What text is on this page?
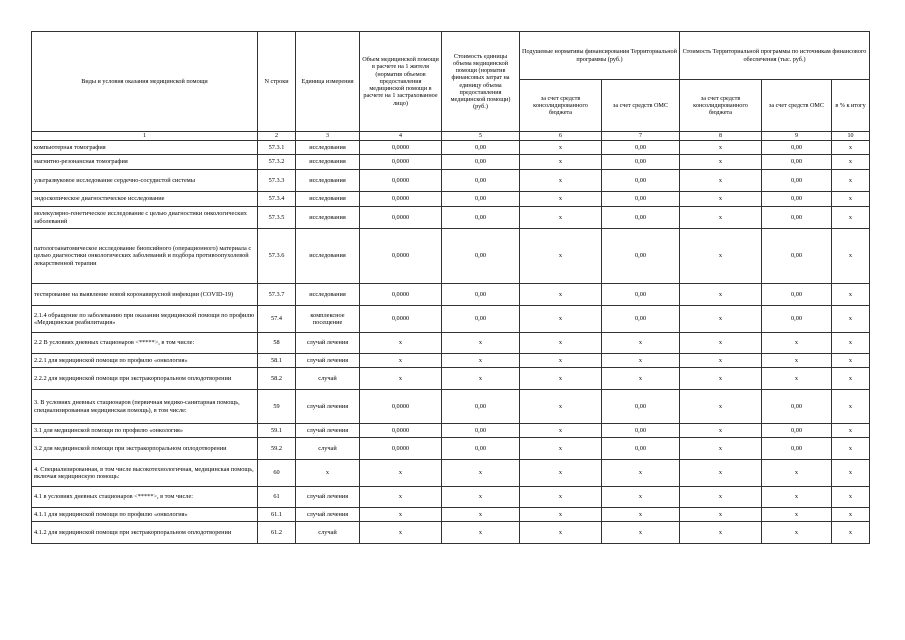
Виды и условия оказания медицинской помощи	N строки	Единица измерения	Объем медицинской помощи в расчете на 1 жителя (норматив объемов предоставления медицинской помощи в расчете на 1 застрахованное лицо)	Стоимость единицы объема медицинской помощи (норматив финансовых затрат на единицу объема предоставления медицинской помощи) (руб.)	Подушевые нормативы финансирования Территориальной программы (руб.)		Стоимость Территориальной программы по источникам финансового обеспечения (тыс. руб.)		
					за счет средств консолидированного бюджета	за счет средств ОМС	за счет средств консолидированного бюджета	за счет средств ОМС	в % к итогу
1	2	3	4	5	6	7	8	9	10
компьютерная томография	57.3.1	исследования	0,0000	0,00	x	0,00	x	0,00	x
магнитно-резонансная томография	57.3.2	исследования	0,0000	0,00	x	0,00	x	0,00	x
ультразвуковое исследование сердечно-сосудистой системы	57.3.3	исследования	0,0000	0,00	x	0,00	x	0,00	x
эндоскопическое диагностическое исследование	57.3.4	исследования	0,0000	0,00	x	0,00	x	0,00	x
молекулярно-генетическое исследование с целью диагностики онкологических заболеваний	57.3.5	исследования	0,0000	0,00	x	0,00	x	0,00	x
патологоанатомическое исследование биопсийного (операционного) материала с целью диагностики онкологических заболеваний и подбора противоопухолевой лекарственной терапии	57.3.6	исследования	0,0000	0,00	x	0,00	x	0,00	x
тестирование на выявление новой коронавирусной инфекции (COVID-19)	57.3.7	исследования	0,0000	0,00	x	0,00	x	0,00	x
2.1.4 обращение по заболеванию при оказании медицинской помощи по профилю «Медицинская реабилитация»	57.4	комплексное посещение	0,0000	0,00	x	0,00	x	0,00	x
2.2 В условиях дневных стационаров <*****>, в том числе:	58	случай лечения	x	x	x	x	x	x	x
2.2.1 для медицинской помощи по профилю «онкология»	58.1	случай лечения	x	x	x	x	x	x	x
2.2.2 для медицинской помощи при экстракорпоральном оплодотворении	58.2	случай	x	x	x	x	x	x	x
3. В условиях дневных стационаров (первичная медико-санитарная помощь, специализированная медицинская помощь), в том числе:	59	случай лечения	0,0000	0,00	x	0,00	x	0,00	x
3.1 для медицинской помощи по профилю «онкология»	59.1	случай лечения	0,0000	0,00	x	0,00	x	0,00	x
3.2 для медицинской помощи при экстракорпоральном оплодотворении	59.2	случай	0,0000	0,00	x	0,00	x	0,00	x
4. Специализированная, в том числе высокотехнологичная, медицинская помощь, включая медицинскую помощь:	60	x	x	x	x	x	x	x	x
4.1 в условиях дневных стационаров <*****>, в том числе:	61	случай лечения	x	x	x	x	x	x	x
4.1.1 для медицинской помощи по профилю «онкология»	61.1	случай лечения	x	x	x	x	x	x	x
4.1.2 для медицинской помощи при экстракорпоральном оплодотворении	61.2	случай	x	x	x	x	x	x	x
